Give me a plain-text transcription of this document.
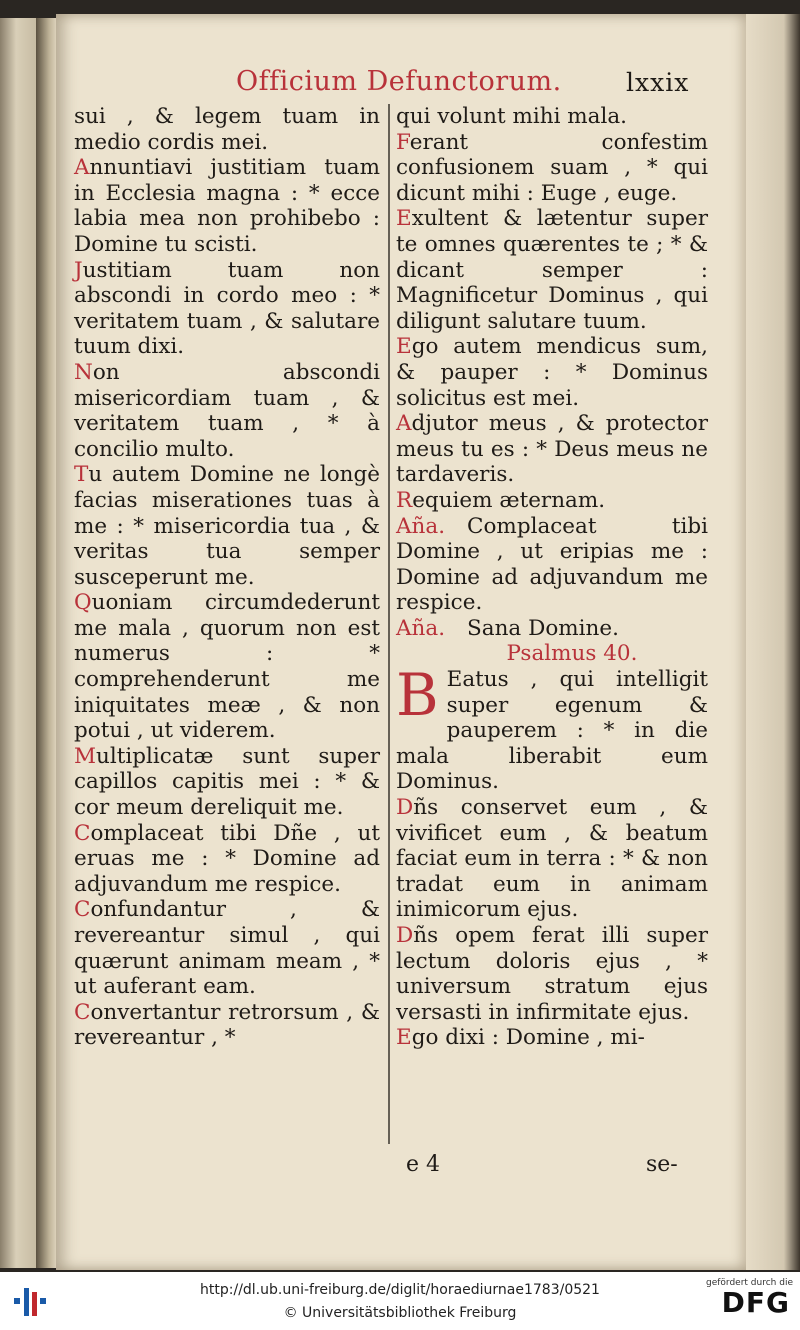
Officium Defunctorum.	lxxix

sui , & legem tuam in medio cordis mei.

Annuntiavi justitiam tuam in Ecclesia magna : * ecce labia mea non prohibebo : Domine tu scisti.

Justitiam tuam non abscondi in cordo meo : * veritatem tuam , & salutare tuum dixi.

Non abscondi misericordiam tuam , & veritatem tuam , * à concilio multo.

Tu autem Domine ne longè facias miserationes tuas à me : * misericordia tua , & veritas tua semper susceperunt me.

Quoniam circumdederunt me mala , quorum non est numerus : * comprehenderunt me iniquitates meæ , & non potui , ut viderem.

Multiplicatæ sunt super capillos capitis mei : * & cor meum dereliquit me.

Complaceat tibi Dñe , ut eruas me : * Domine ad adjuvandum me respice.

Confundantur , & revereantur simul , qui quærunt animam meam , * ut auferant eam.

Convertantur retrorsum , & revereantur , *

qui volunt mihi mala.

Ferant confestim confusionem suam , * qui dicunt mihi : Euge , euge.

Exultent & lætentur super te omnes quærentes te ; * & dicant semper : Magnificetur Dominus , qui diligunt salutare tuum.

Ego autem mendicus sum, & pauper : * Dominus solicitus est mei.

Adjutor meus , & protector meus tu es : * Deus meus ne tardaveris.

Requiem æternam.

Añа. Complaceat tibi Domine , ut eripias me : Domine ad adjuvandum me respice.

Añа. Sana Domine.

Psalmus 40.

B Eatus , qui intelligit super egenum & pauperem : * in die mala liberabit eum Dominus.

Dñs conservet eum , & vivificet eum , & beatum faciat eum in terra : * & non tradat eum in animam inimicorum ejus.

Dñs opem ferat illi super lectum doloris ejus , * universum stratum ejus versasti in infirmitate ejus.

Ego dixi : Domine , mi-

e 4	se-
http://dl.ub.uni-freiburg.de/diglit/horaediurnae1783/0521
© Universitätsbibliothek Freiburg
gefördert durch die
DFG
